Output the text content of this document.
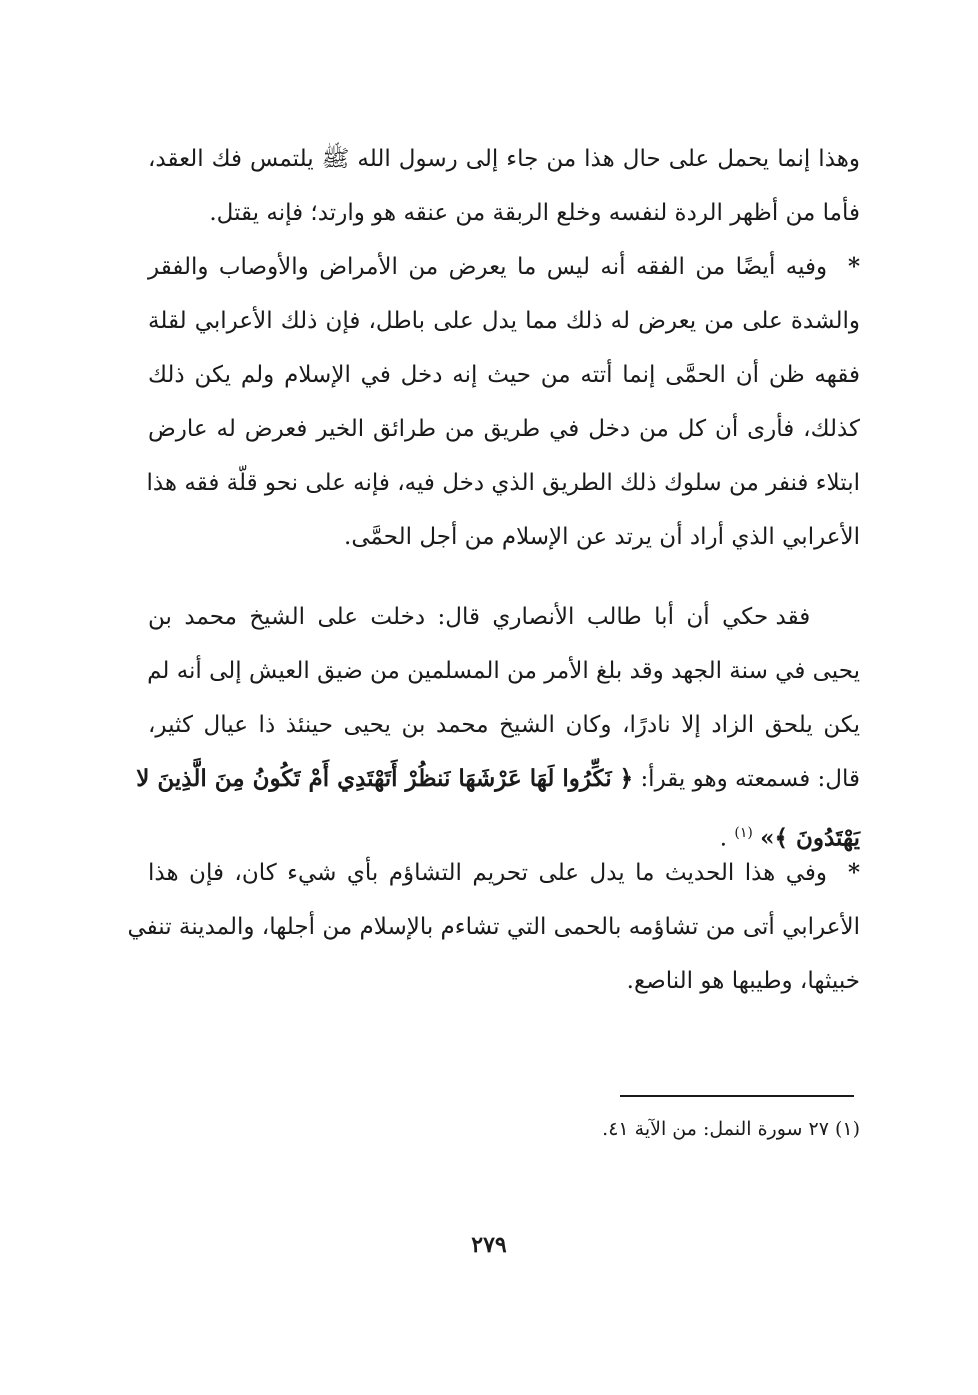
وهذا إنما يحمل على حال هذا من جاء إلى رسول الله ﷺ يلتمس فك العقد،
فأما من أظهر الردة لنفسه وخلع الربقة من عنقه هو وارتد؛ فإنه يقتل.
*  وفيه أيضًا من الفقه أنه ليس ما يعرض من الأمراض والأوصاب والفقر
والشدة على من يعرض له ذلك مما يدل على باطل، فإن ذلك الأعرابي لقلة
فقهه ظن أن الحمَّى إنما أتته من حيث إنه دخل في الإسلام ولم يكن ذلك
كذلك، فأرى أن كل من دخل في طريق من طرائق الخير فعرض له عارض
ابتلاء فنفر من سلوك ذلك الطريق الذي دخل فيه، فإنه على نحو قلّة فقه هذا
الأعرابي الذي أراد أن يرتد عن الإسلام من أجل الحمَّى.
فقد حكي أن أبا طالب الأنصاري قال: دخلت على الشيخ محمد بن
يحيى في سنة الجهد وقد بلغ الأمر من المسلمين من ضيق العيش إلى أنه لم
يكن يلحق الزاد إلا نادرًا، وكان الشيخ محمد بن يحيى حينئذ ذا عيال كثير،
قال: فسمعته وهو يقرأ: ﴿ نَكِّرُوا لَهَا عَرْشَهَا نَنظُرْ أَتَهْتَدِي أَمْ تَكُونُ مِنَ الَّذِينَ لا
يَهْتَدُونَ ﴾» $^{(١)}$ .
*  وفي هذا الحديث ما يدل على تحريم التشاؤم بأي شيء كان، فإن هذا
الأعرابي أتى من تشاؤمه بالحمى التي تشاءم بالإسلام من أجلها، والمدينة تنفي
خبيثها، وطيبها هو الناصع.
(١) ٢٧ سورة النمل: من الآية ٤١.
٢٧٩
